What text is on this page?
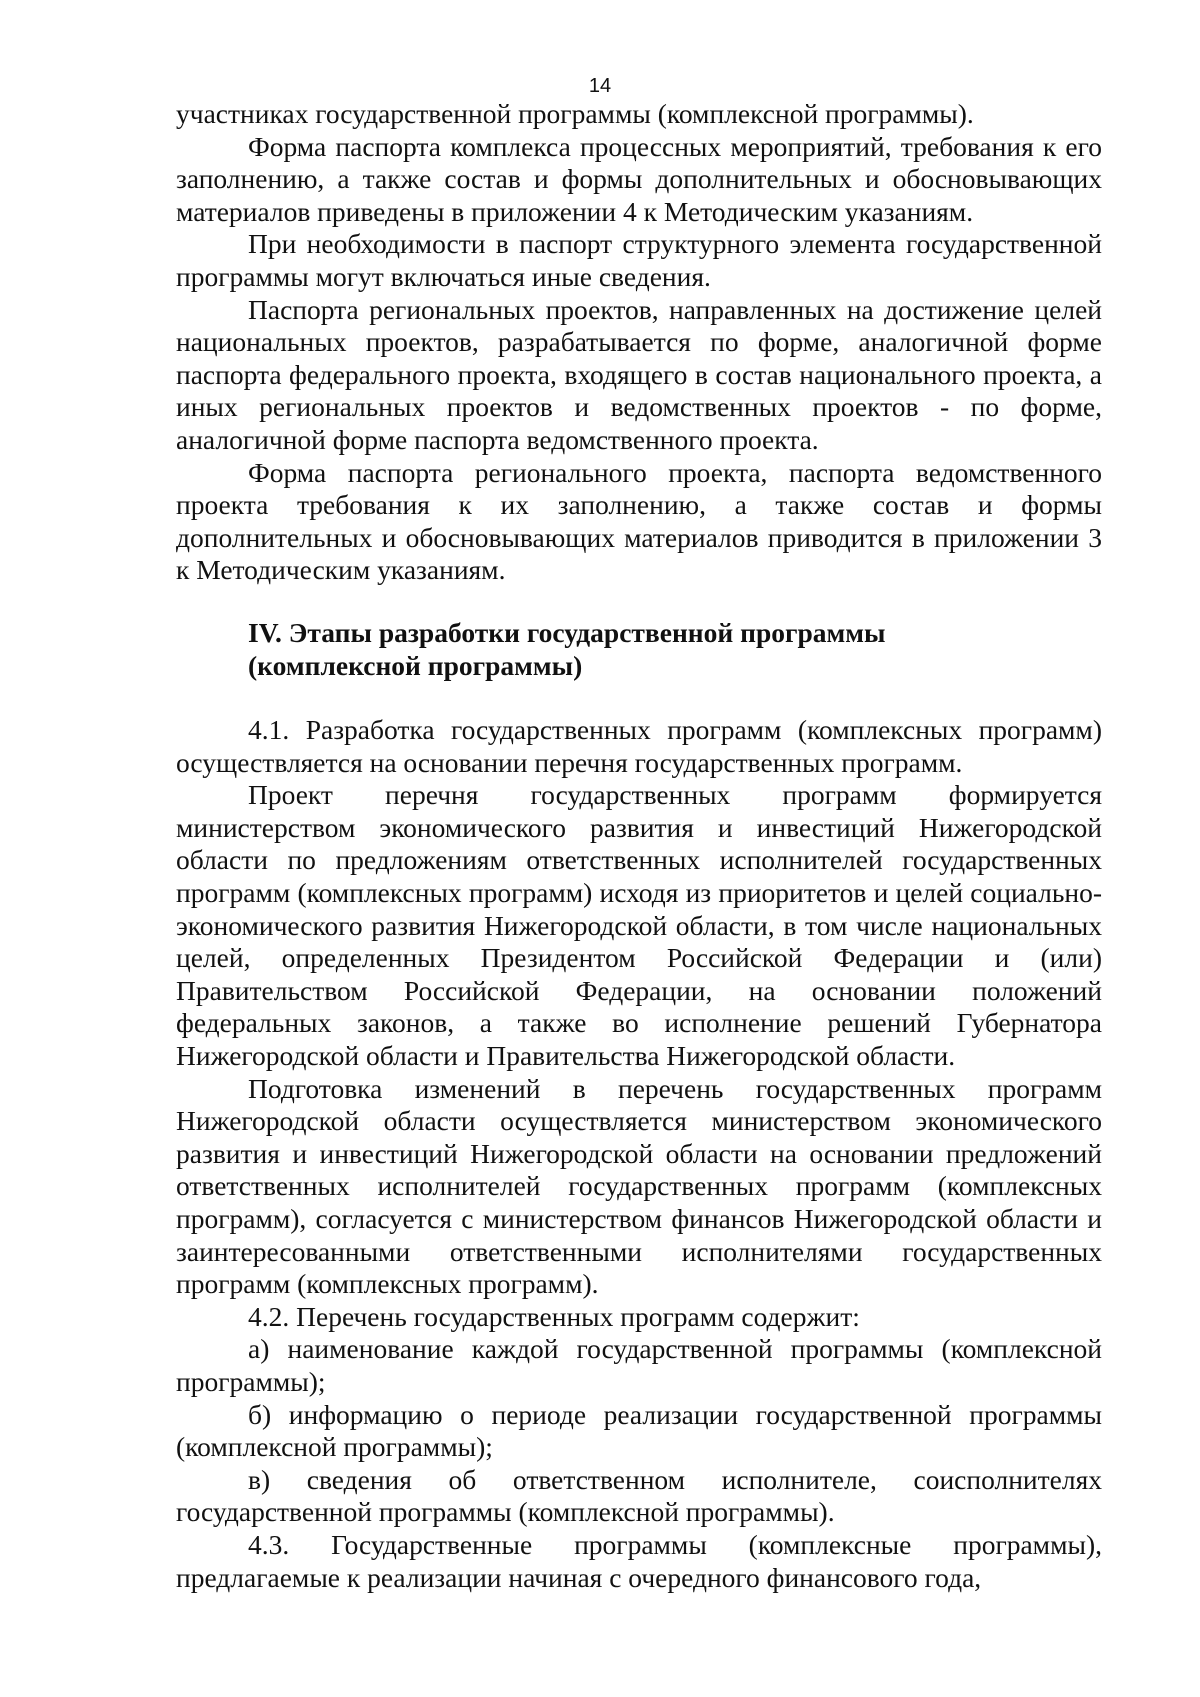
14

участниках государственной программы (комплексной программы).

Форма паспорта комплекса процессных мероприятий, требования к его заполнению, а также состав и формы дополнительных и обосновывающих материалов приведены в приложении 4 к Методическим указаниям.

При необходимости в паспорт структурного элемента государственной программы могут включаться иные сведения.

Паспорта региональных проектов, направленных на достижение целей национальных проектов, разрабатывается по форме, аналогичной форме паспорта федерального проекта, входящего в состав национального проекта, а иных региональных проектов и ведомственных проектов - по форме, аналогичной форме паспорта ведомственного проекта.

Форма паспорта регионального проекта, паспорта ведомственного проекта требования к их заполнению, а также состав и формы дополнительных и обосновывающих материалов приводится в приложении 3 к Методическим указаниям.

IV. Этапы разработки государственной программы

(комплексной программы)

4.1. Разработка государственных программ (комплексных программ) осуществляется на основании перечня государственных программ.

Проект перечня государственных программ формируется министерством экономического развития и инвестиций Нижегородской области по предложениям ответственных исполнителей государственных программ (комплексных программ) исходя из приоритетов и целей социально-экономического развития Нижегородской области, в том числе национальных целей, определенных Президентом Российской Федерации и (или) Правительством Российской Федерации, на основании положений федеральных законов, а также во исполнение решений Губернатора Нижегородской области и Правительства Нижегородской области.

Подготовка изменений в перечень государственных программ Нижегородской области осуществляется министерством экономического развития и инвестиций Нижегородской области на основании предложений ответственных исполнителей государственных программ (комплексных программ), согласуется с министерством финансов Нижегородской области и заинтересованными ответственными исполнителями государственных программ (комплексных программ).

4.2. Перечень государственных программ содержит:

а) наименование каждой государственной программы (комплексной программы);

б) информацию о периоде реализации государственной программы (комплексной программы);

в) сведения об ответственном исполнителе, соисполнителях государственной программы (комплексной программы).

4.3. Государственные программы (комплексные программы), предлагаемые к реализации начиная с очередного финансового года,
